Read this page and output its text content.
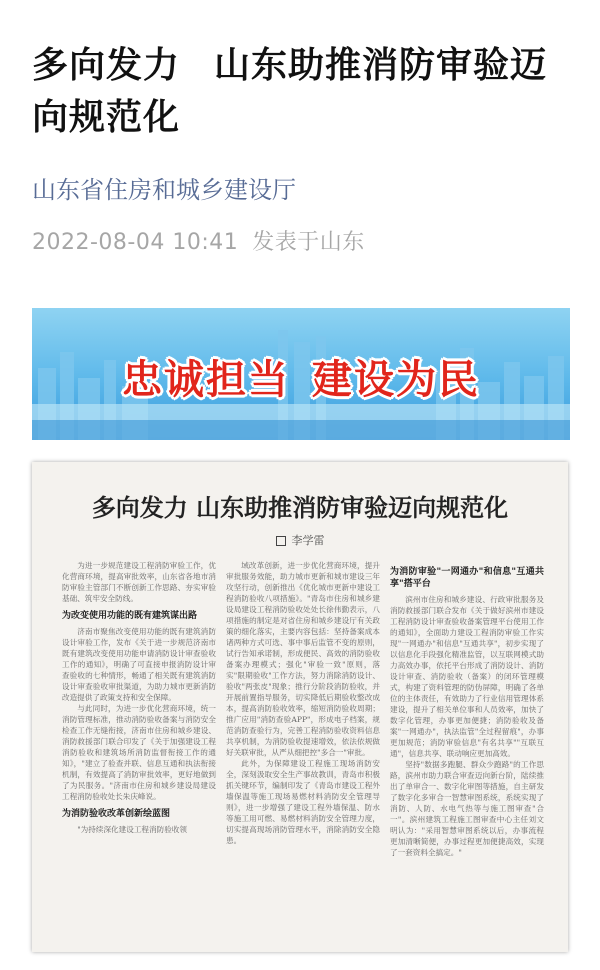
多向发力 山东助推消防审验迈向规范化
山东省住房和城乡建设厅
2022-08-04 10:41 发表于山东
忠诚担当 建设为民
多向发力 山东助推消防审验迈向规范化
李学雷

为进一步规范建设工程消防审验工作，优化营商环境，提高审批效率，山东省各地市消防审验主管部门不断创新工作思路、夯实审验基础、筑牢安全防线。

为改变使用功能的既有建筑谋出路

济南市聚焦改变使用功能的既有建筑消防设计审验工作，发布《关于进一步规范济南市既有建筑改变使用功能申请消防设计审查验收工作的通知》，明确了可直接申报消防设计审查验收的七种情形，畅通了相关既有建筑消防设计审查验收审批渠道，为助力城市更新消防改造提供了政策支持和安全保障。

与此同时，为进一步优化营商环境，统一消防管理标准，推动消防验收备案与消防安全检查工作无缝衔接，济南市住房和城乡建设、消防救援部门联合印发了《关于加强建设工程消防验收和建筑场所消防监督衔接工作的通知》，"建立了验查并联、信息互通和执法衔接机制，有效提高了消防审批效率，更好地做到了为民服务。"济南市住房和城乡建设局建设工程消防验收处长朱庆峰说。

为消防验收改革创新绘蓝图

"为持续深化建设工程消防验收领

域改革创新，进一步优化营商环境，提升审批服务效能，助力城市更新和城市建设三年攻坚行动，创新推出《优化城市更新中建设工程消防验收八项措施》。"青岛市住房和城乡建设局建设工程消防验收处处长徐伟勤表示，八项措施的制定是对省住房和城乡建设厅有关政策的细化落实，主要内容包括：坚持备案成本诸两种方式可选、事中事后监管不变的原则，试行告知承诺制，形成便民、高效的消防验收备案办理模式；强化"审验一致"原则，落实"限期验收"工作方法，努力消除消防设计、验收"两张皮"现象；推行分阶段消防验收，并开展前置指导服务，切实降低后期验收整改成本，提高消防验收效率，缩短消防验收周期；推广应用"消防查验APP"，形成电子档案，规范消防查验行为，完善工程消防验收资料信息共享机制，为消防验收提速增效，依法依规做好关联审批，从严从细把控"多合一"审批。

此外，为保障建设工程施工现场消防安全，深刻汲取安全生产事故教训，青岛市积极抓关键环节，编制印发了《青岛市建设工程外墙保温等施工现场易燃材料消防安全管理导则》，进一步增强了建设工程外墙保温、防水等施工用可燃、易燃材料消防安全管理力度，切实提高现场消防管理水平，消除消防安全隐患。

为消防审验"一网通办"和信息"互通共享"搭平台

滨州市住房和城乡建设、行政审批服务及消防救援部门联合发布《关于做好滨州市建设工程消防设计审查验收备案管理平台使用工作的通知》，全面助力建设工程消防审验工作实现"一网通办"和信息"互通共享"，初步实现了以信息化手段强化精准监管，以互联网模式助力高效办事，依托平台形成了消防设计、消防设计审查、消防验收（备案）的闭环管理模式，构建了资料管理的防伪屏障，明确了各单位的主体责任，有效助力了行业信用管理体系建设，提升了相关单位事和人员效率，加快了数字化管理，办事更加便捷；消防验收及备案"一网通办"，执法监管"全过程留痕"，办事更加规范；消防审验信息"有名共享""互联互通"，信息共享、联动响应更加高效。

坚持"数据多跑腿、群众少跑路"的工作思路，滨州市助力联合审查迈向新台阶，陆续推出了单审合一、数字化审图等措施，自主研发了数字化多审合一智慧审图系统，系统实现了消防、人防、水电气热等与施工图审查"合一"。滨州建筑工程施工图审查中心主任刘文明认为："采用智慧审图系统以后，办事流程更加清晰简便，办事过程更加便捷高效，实现了一套资料全搞定。"
